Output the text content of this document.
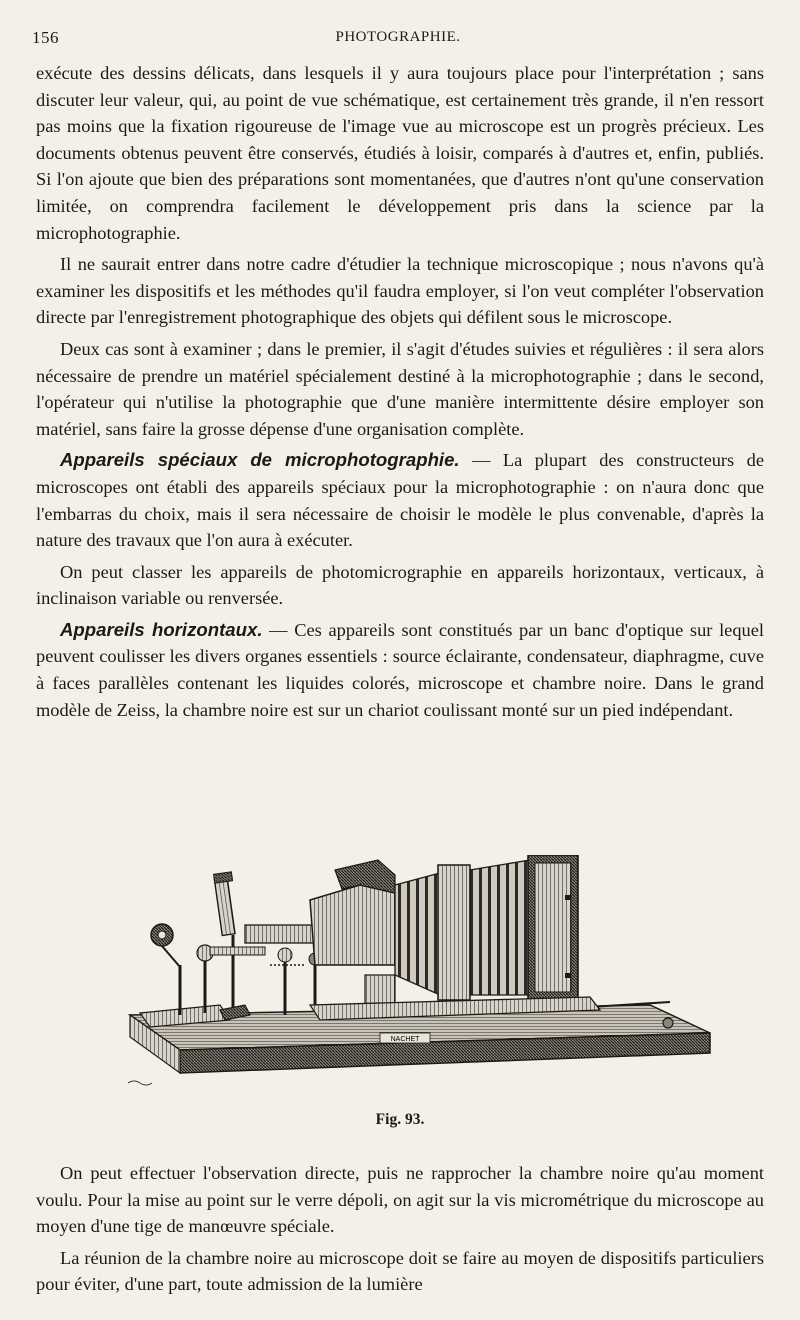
156	PHOTOGRAPHIE.

exécute des dessins délicats, dans lesquels il y aura toujours place pour l'interprétation ; sans discuter leur valeur, qui, au point de vue schématique, est certainement très grande, il n'en ressort pas moins que la fixation rigoureuse de l'image vue au microscope est un progrès précieux. Les documents obtenus peuvent être conservés, étudiés à loisir, comparés à d'autres et, enfin, publiés. Si l'on ajoute que bien des préparations sont momentanées, que d'autres n'ont qu'une conservation limitée, on comprendra facilement le développement pris dans la science par la microphotographie.

Il ne saurait entrer dans notre cadre d'étudier la technique microscopique ; nous n'avons qu'à examiner les dispositifs et les méthodes qu'il faudra employer, si l'on veut compléter l'observation directe par l'enregistrement photographique des objets qui défilent sous le microscope.

Deux cas sont à examiner ; dans le premier, il s'agit d'études suivies et régulières : il sera alors nécessaire de prendre un matériel spécialement destiné à la microphotographie ; dans le second, l'opérateur qui n'utilise la photographie que d'une manière intermittente désire employer son matériel, sans faire la grosse dépense d'une organisation complète.

Appareils spéciaux de microphotographie. — La plupart des constructeurs de microscopes ont établi des appareils spéciaux pour la microphotographie : on n'aura donc que l'embarras du choix, mais il sera nécessaire de choisir le modèle le plus convenable, d'après la nature des travaux que l'on aura à exécuter.

On peut classer les appareils de photomicrographie en appareils horizontaux, verticaux, à inclinaison variable ou renversée.

Appareils horizontaux. — Ces appareils sont constitués par un banc d'optique sur lequel peuvent coulisser les divers organes essentiels : source éclairante, condensateur, diaphragme, cuve à faces parallèles contenant les liquides colorés, microscope et chambre noire. Dans le grand modèle de Zeiss, la chambre noire est sur un chariot coulissant monté sur un pied indépendant.

NACHET
Fig. 93.

On peut effectuer l'observation directe, puis ne rapprocher la chambre noire qu'au moment voulu. Pour la mise au point sur le verre dépoli, on agit sur la vis micrométrique du microscope au moyen d'une tige de manœuvre spéciale.

La réunion de la chambre noire au microscope doit se faire au moyen de dispositifs particuliers pour éviter, d'une part, toute admission de la lumière
